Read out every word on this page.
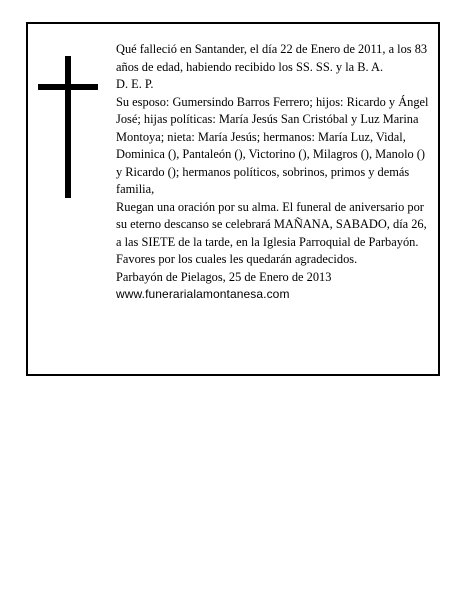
Qué falleció en Santander, el día 22 de Enero de 2011, a los 83 años de edad, habiendo recibido los SS. SS. y la B. A.

D. E. P.

Su esposo: Gumersindo Barros Ferrero; hijos: Ricardo y Ángel José; hijas políticas: María Jesús San Cristóbal y Luz Marina Montoya; nieta: María Jesús; hermanos: María Luz, Vidal, Dominica (), Pantaleón (), Victorino (), Milagros (), Manolo () y Ricardo (); hermanos políticos, sobrinos, primos y demás familia,

Ruegan una oración por su alma. El funeral de aniversario por su eterno descanso se celebrará MAÑANA, SABADO, día 26, a las SIETE de la tarde, en la Iglesia Parroquial de Parbayón. Favores por los cuales les quedarán agradecidos.

Parbayón de Pielagos, 25 de Enero de 2013

www.funerarialamontanesa.com
